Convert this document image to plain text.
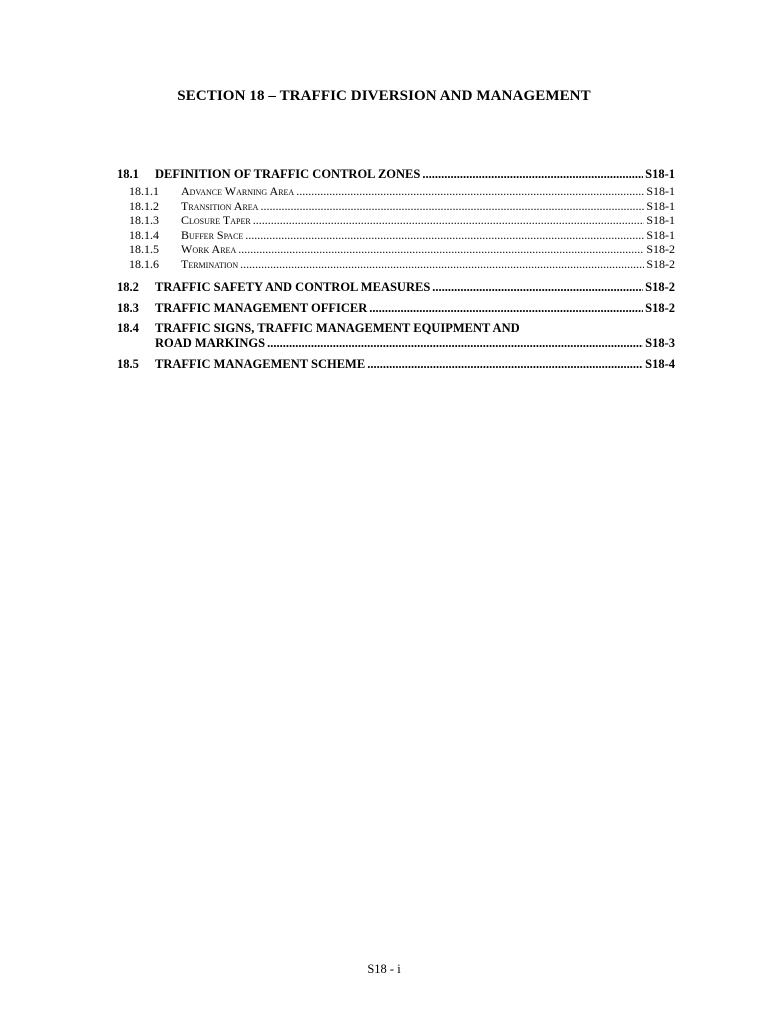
SECTION 18 – TRAFFIC DIVERSION AND MANAGEMENT
18.1	DEFINITION OF TRAFFIC CONTROL ZONES .....	S18-1
18.1.1	Advance Warning Area .....	S18-1
18.1.2	Transition Area .....	S18-1
18.1.3	Closure Taper .....	S18-1
18.1.4	Buffer Space .....	S18-1
18.1.5	Work Area .....	S18-2
18.1.6	Termination .....	S18-2
18.2	TRAFFIC SAFETY AND CONTROL MEASURES .....	S18-2
18.3	TRAFFIC MANAGEMENT OFFICER .....	S18-2
18.4	TRAFFIC SIGNS, TRAFFIC MANAGEMENT EQUIPMENT AND
ROAD MARKINGS .....	S18-3
18.5	TRAFFIC MANAGEMENT SCHEME .....	S18-4
S18 - i
